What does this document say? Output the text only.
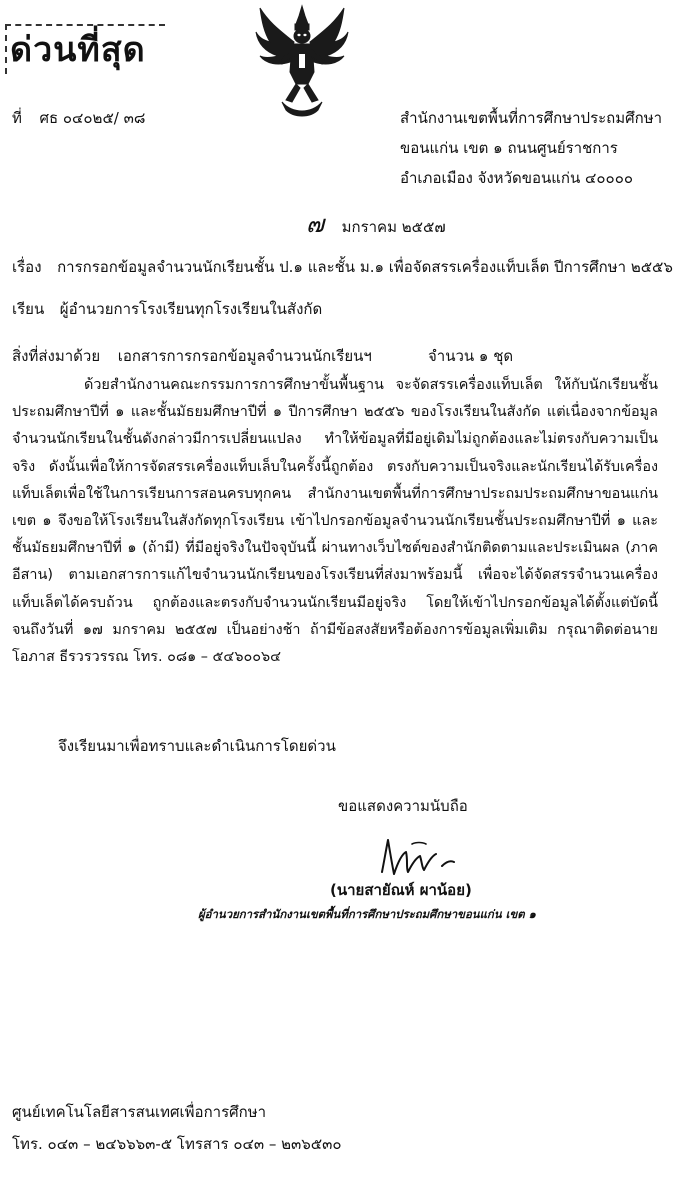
ด่วนที่สุด

ที่ ศธ ๐๔๐๒๕/ ๓๘	สำนักงานเขตพื้นที่การศึกษาประถมศึกษา

ขอนแก่น เขต ๑ ถนนศูนย์ราชการ

อำเภอเมือง จังหวัดขอนแก่น ๔๐๐๐๐

๗ มกราคม ๒๕๕๗

เรื่อง การกรอกข้อมูลจำนวนนักเรียนชั้น ป.๑ และชั้น ม.๑ เพื่อจัดสรรเครื่องแท็บเล็ต ปีการศึกษา ๒๕๕๖

เรียน ผู้อำนวยการโรงเรียนทุกโรงเรียนในสังกัด

สิ่งที่ส่งมาด้วย เอกสารการกรอกข้อมูลจำนวนนักเรียนฯ	จำนวน ๑ ชุด

ด้วยสำนักงานคณะกรรมการการศึกษาขั้นพื้นฐาน จะจัดสรรเครื่องแท็บเล็ต ให้กับนักเรียนชั้นประถมศึกษาปีที่ ๑ และชั้นมัธยมศึกษาปีที่ ๑ ปีการศึกษา ๒๕๕๖ ของโรงเรียนในสังกัด แต่เนื่องจากข้อมูลจำนวนนักเรียนในชั้นดังกล่าวมีการเปลี่ยนแปลง ทำให้ข้อมูลที่มีอยู่เดิมไม่ถูกต้องและไม่ตรงกับความเป็นจริง ดังนั้นเพื่อให้การจัดสรรเครื่องแท็บเล็บในครั้งนี้ถูกต้อง ตรงกับความเป็นจริงและนักเรียนได้รับเครื่องแท็บเล็ตเพื่อใช้ในการเรียนการสอนครบทุกคน สำนักงานเขตพื้นที่การศึกษาประถมประถมศึกษาขอนแก่น เขต ๑ จึงขอให้โรงเรียนในสังกัดทุกโรงเรียน เข้าไปกรอกข้อมูลจำนวนนักเรียนชั้นประถมศึกษาปีที่ ๑ และชั้นมัธยมศึกษาปีที่ ๑ (ถ้ามี) ที่มีอยู่จริงในปัจจุบันนี้ ผ่านทางเว็บไซต์ของสำนักติดตามและประเมินผล (ภาคอีสาน) ตามเอกสารการแก้ไขจำนวนนักเรียนของโรงเรียนที่ส่งมาพร้อมนี้ เพื่อจะได้จัดสรรจำนวนเครื่องแท็บเล็ตได้ครบถ้วน ถูกต้องและตรงกับจำนวนนักเรียนมีอยู่จริง โดยให้เข้าไปกรอกข้อมูลได้ตั้งแต่บัดนี้จนถึงวันที่ ๑๗ มกราคม ๒๕๕๗ เป็นอย่างช้า ถ้ามีข้อสงสัยหรือต้องการข้อมูลเพิ่มเติม กรุณาติดต่อนายโอภาส ธีรวรวรรณ โทร. ๐๘๑ – ๕๔๖๐๐๖๔

จึงเรียนมาเพื่อทราบและดำเนินการโดยด่วน

ขอแสดงความนับถือ

(นายสายัณห์ ผาน้อย)

ผู้อำนวยการสำนักงานเขตพื้นที่การศึกษาประถมศึกษาขอนแก่น เขต ๑

ศูนย์เทคโนโลยีสารสนเทศเพื่อการศึกษา

โทร. ๐๔๓ – ๒๔๖๖๖๓-๕ โทรสาร ๐๔๓ – ๒๓๖๕๓๐
